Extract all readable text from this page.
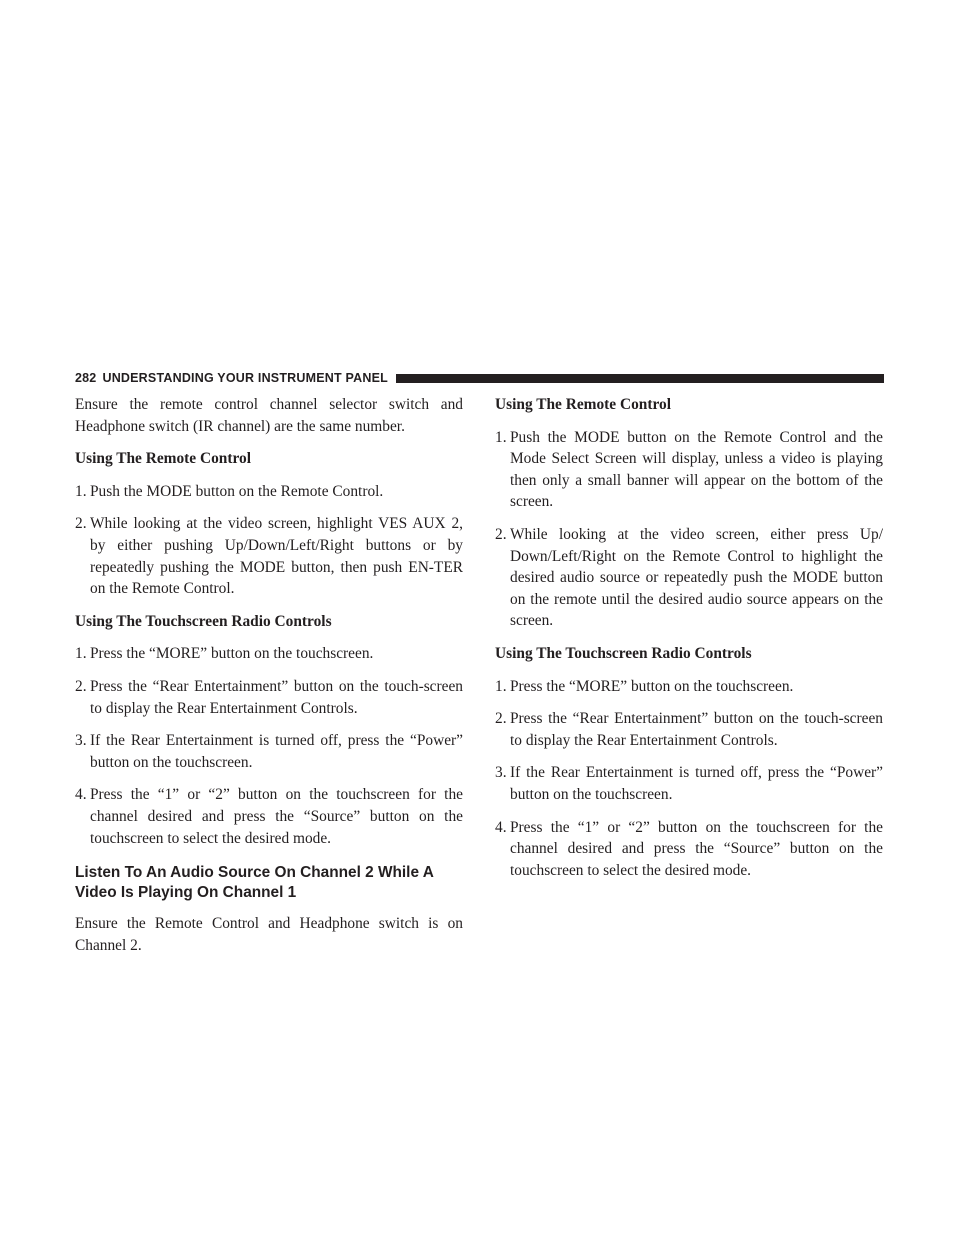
282 UNDERSTANDING YOUR INSTRUMENT PANEL

Ensure the remote control channel selector switch and Headphone switch (IR channel) are the same number.

Using The Remote Control
1. Push the MODE button on the Remote Control.
2. While looking at the video screen, highlight VES AUX 2, by either pushing Up/Down/Left/Right buttons or by repeatedly pushing the MODE button, then push EN-TER on the Remote Control.
Using The Touchscreen Radio Controls
1. Press the “MORE” button on the touchscreen.
2. Press the “Rear Entertainment” button on the touch-screen to display the Rear Entertainment Controls.
3. If the Rear Entertainment is turned off, press the “Power” button on the touchscreen.
4. Press the “1” or “2” button on the touchscreen for the channel desired and press the “Source” button on the touchscreen to select the desired mode.
Listen To An Audio Source On Channel 2 While A Video Is Playing On Channel 1

Ensure the Remote Control and Headphone switch is on Channel 2.

Using The Remote Control
1. Push the MODE button on the Remote Control and the Mode Select Screen will display, unless a video is playing then only a small banner will appear on the bottom of the screen.
2. While looking at the video screen, either press Up/ Down/Left/Right on the Remote Control to highlight the desired audio source or repeatedly push the MODE button on the remote until the desired audio source appears on the screen.
Using The Touchscreen Radio Controls
1. Press the “MORE” button on the touchscreen.
2. Press the “Rear Entertainment” button on the touch-screen to display the Rear Entertainment Controls.
3. If the Rear Entertainment is turned off, press the “Power” button on the touchscreen.
4. Press the “1” or “2” button on the touchscreen for the channel desired and press the “Source” button on the touchscreen to select the desired mode.
